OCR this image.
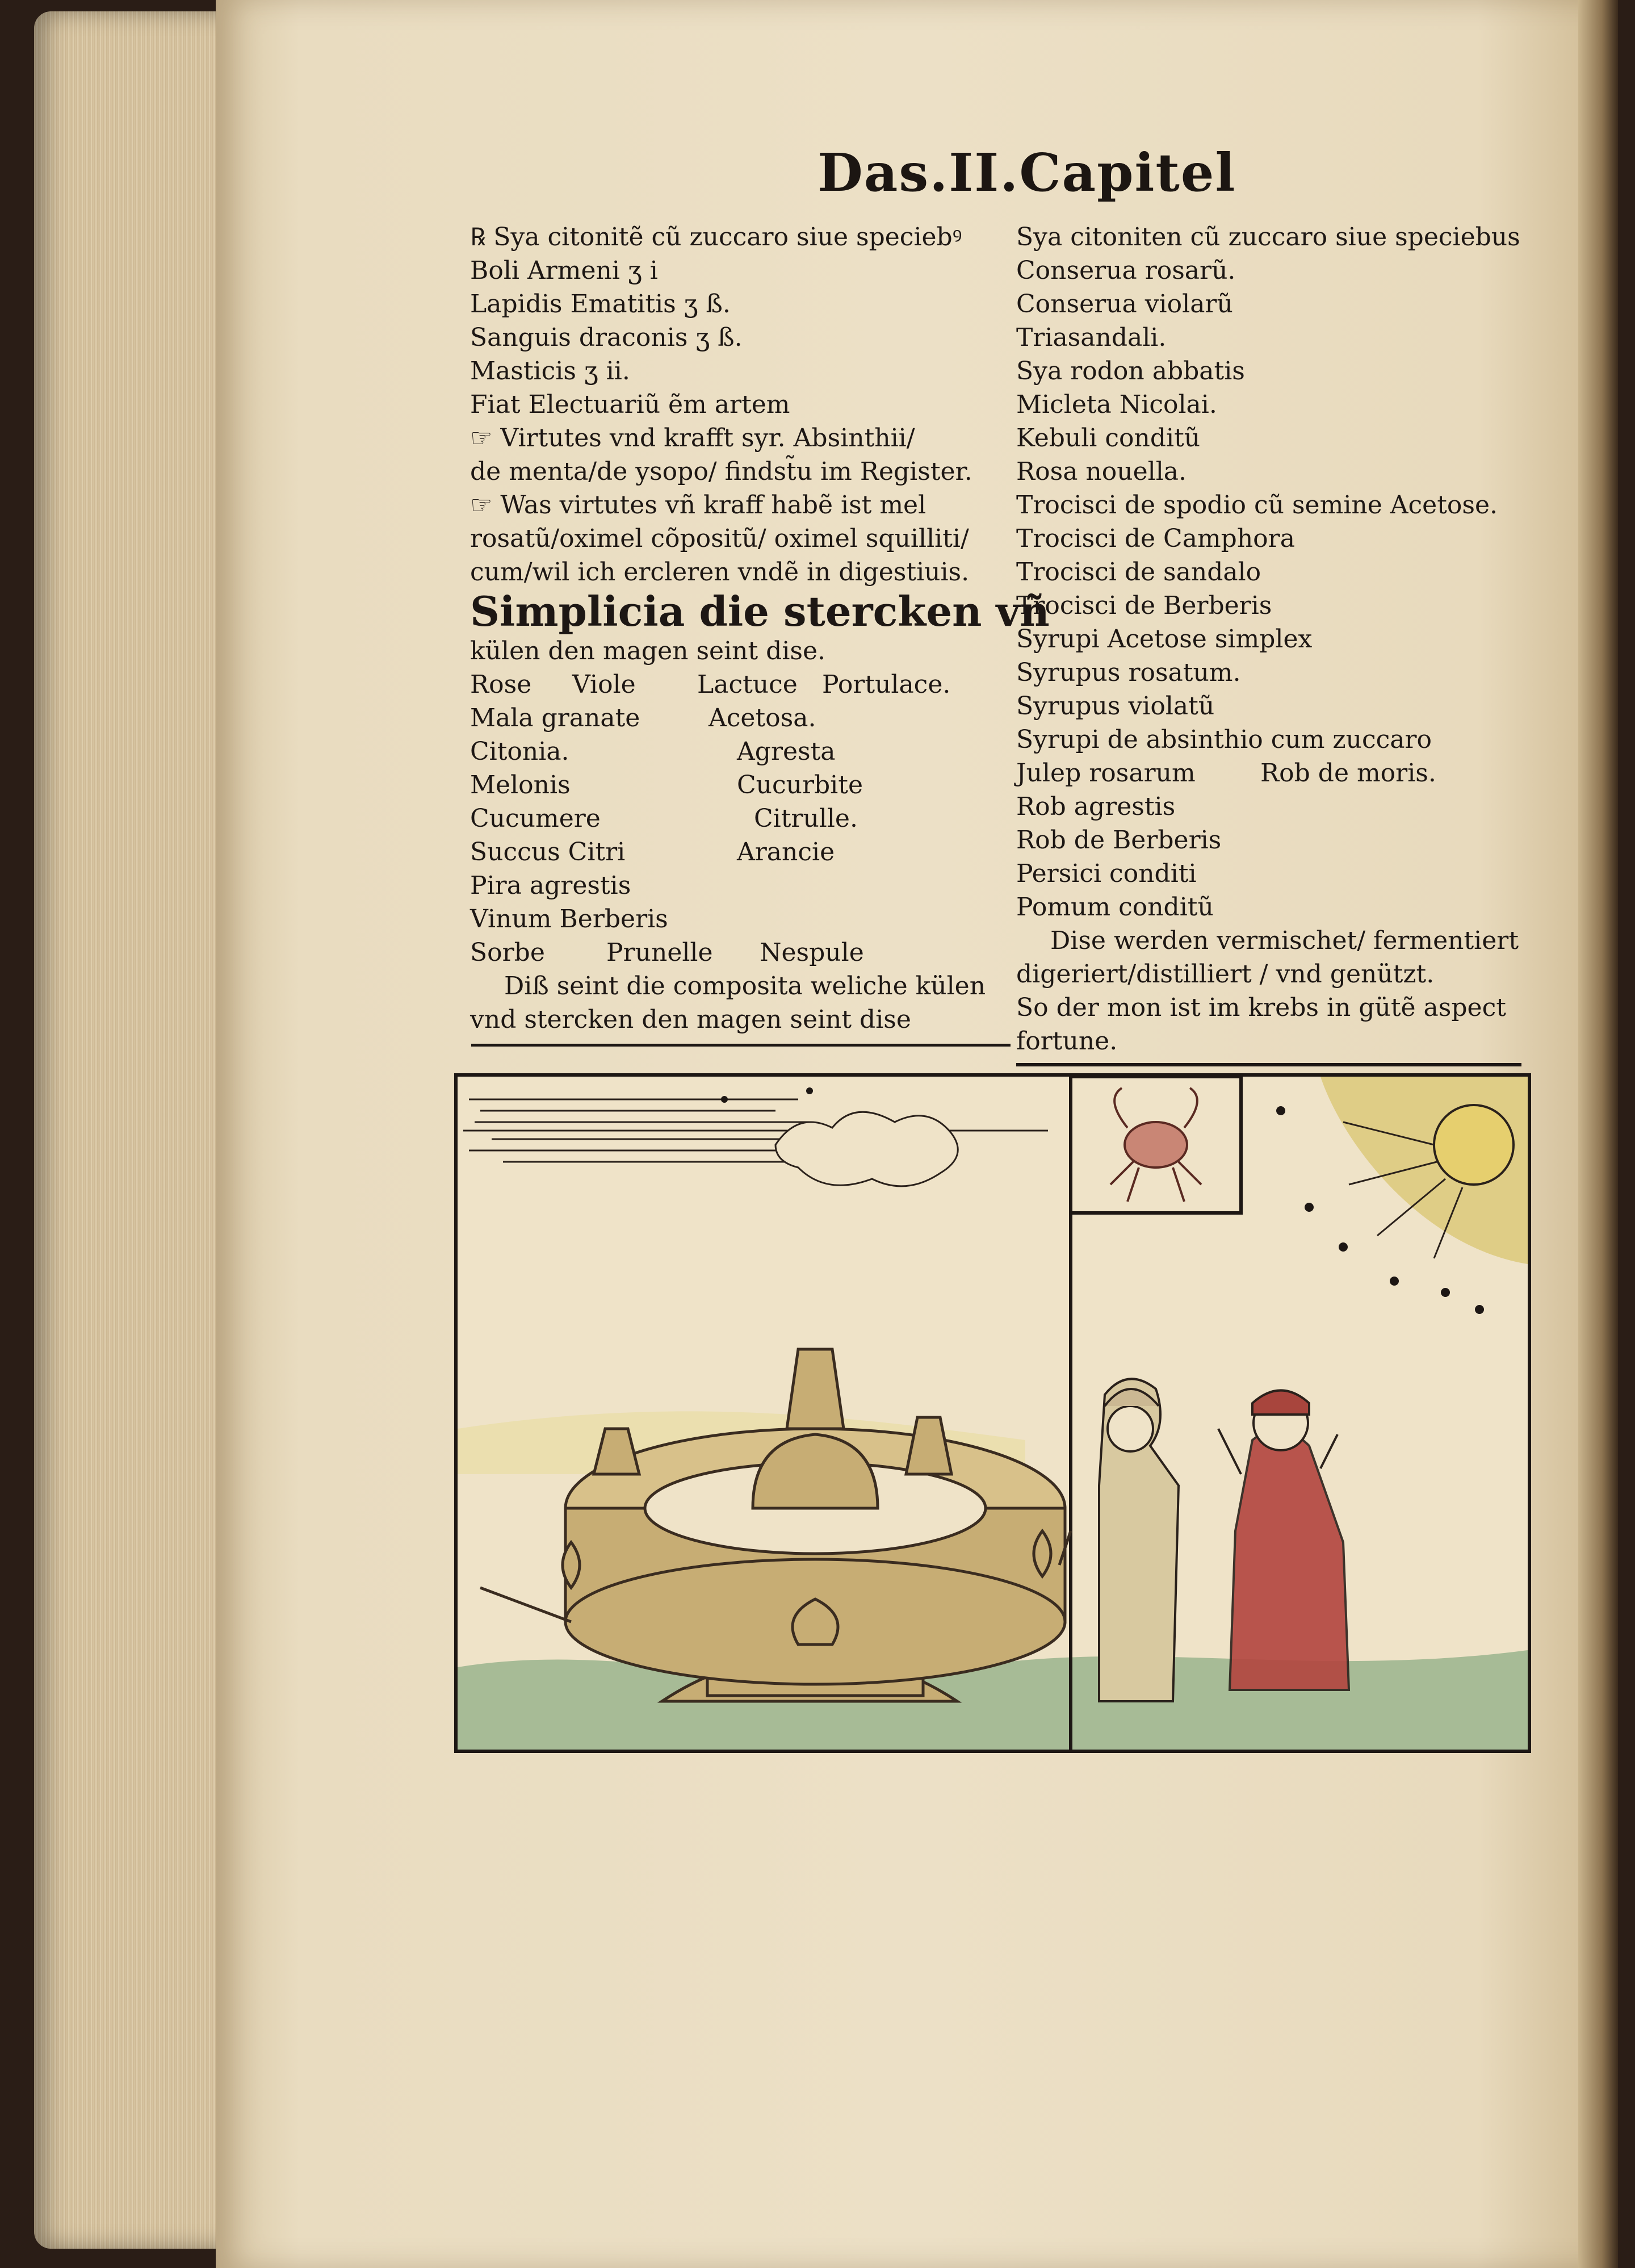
Das.II.Capitel
℞ Sya citonitẽ cũ zuccaro siue speciebꝰ
Boli Armeni ʒ i
Lapidis Ematitis ʒ ß.
Sanguis draconis ʒ ß.
Masticis ʒ ii.
Fiat Electuariũ ẽm artem
☞ Virtutes vnd krafft syr. Absinthii/
de menta/de ysopo/ findst̃u im Register.
☞ Was virtutes vñ kraff habẽ ist mel
rosatũ/oximel cõpositũ/ oximel squilliti/
cum/wil ich ercleren vndẽ in digestiuis.
Simplicia die stercken vñ
külen den magen seint dise.
Rose	Viole	Lactuce Portulace.
Mala granate	Acetosa.
Citonia.	Agresta
Melonis	Cucurbite
Cucumere	Citrulle.
Succus Citri	Arancie
Pira agrestis
Vinum Berberis
Sorbe	Prunelle	Nespule
Diß seint die composita weliche külen
vnd stercken den magen seint dise
Sya citoniten cũ zuccaro siue speciebus
Conserua rosarũ.
Conserua violarũ
Triasandali.
Sya rodon abbatis
Micleta Nicolai.
Kebuli conditũ
Rosa nouella.
Trocisci de spodio cũ semine Acetose.
Trocisci de Camphora
Trocisci de sandalo
Trocisci de Berberis
Syrupi Acetose simplex
Syrupus rosatum.
Syrupus violatũ
Syrupi de absinthio cum zuccaro
Julep rosarum	Rob de moris.
Rob agrestis
Rob de Berberis
Persici conditi
Pomum conditũ
Dise werden vermischet/ fermentiert
digeriert/distilliert / vnd genützt.
So der mon ist im krebs in gütẽ aspect
fortune.
